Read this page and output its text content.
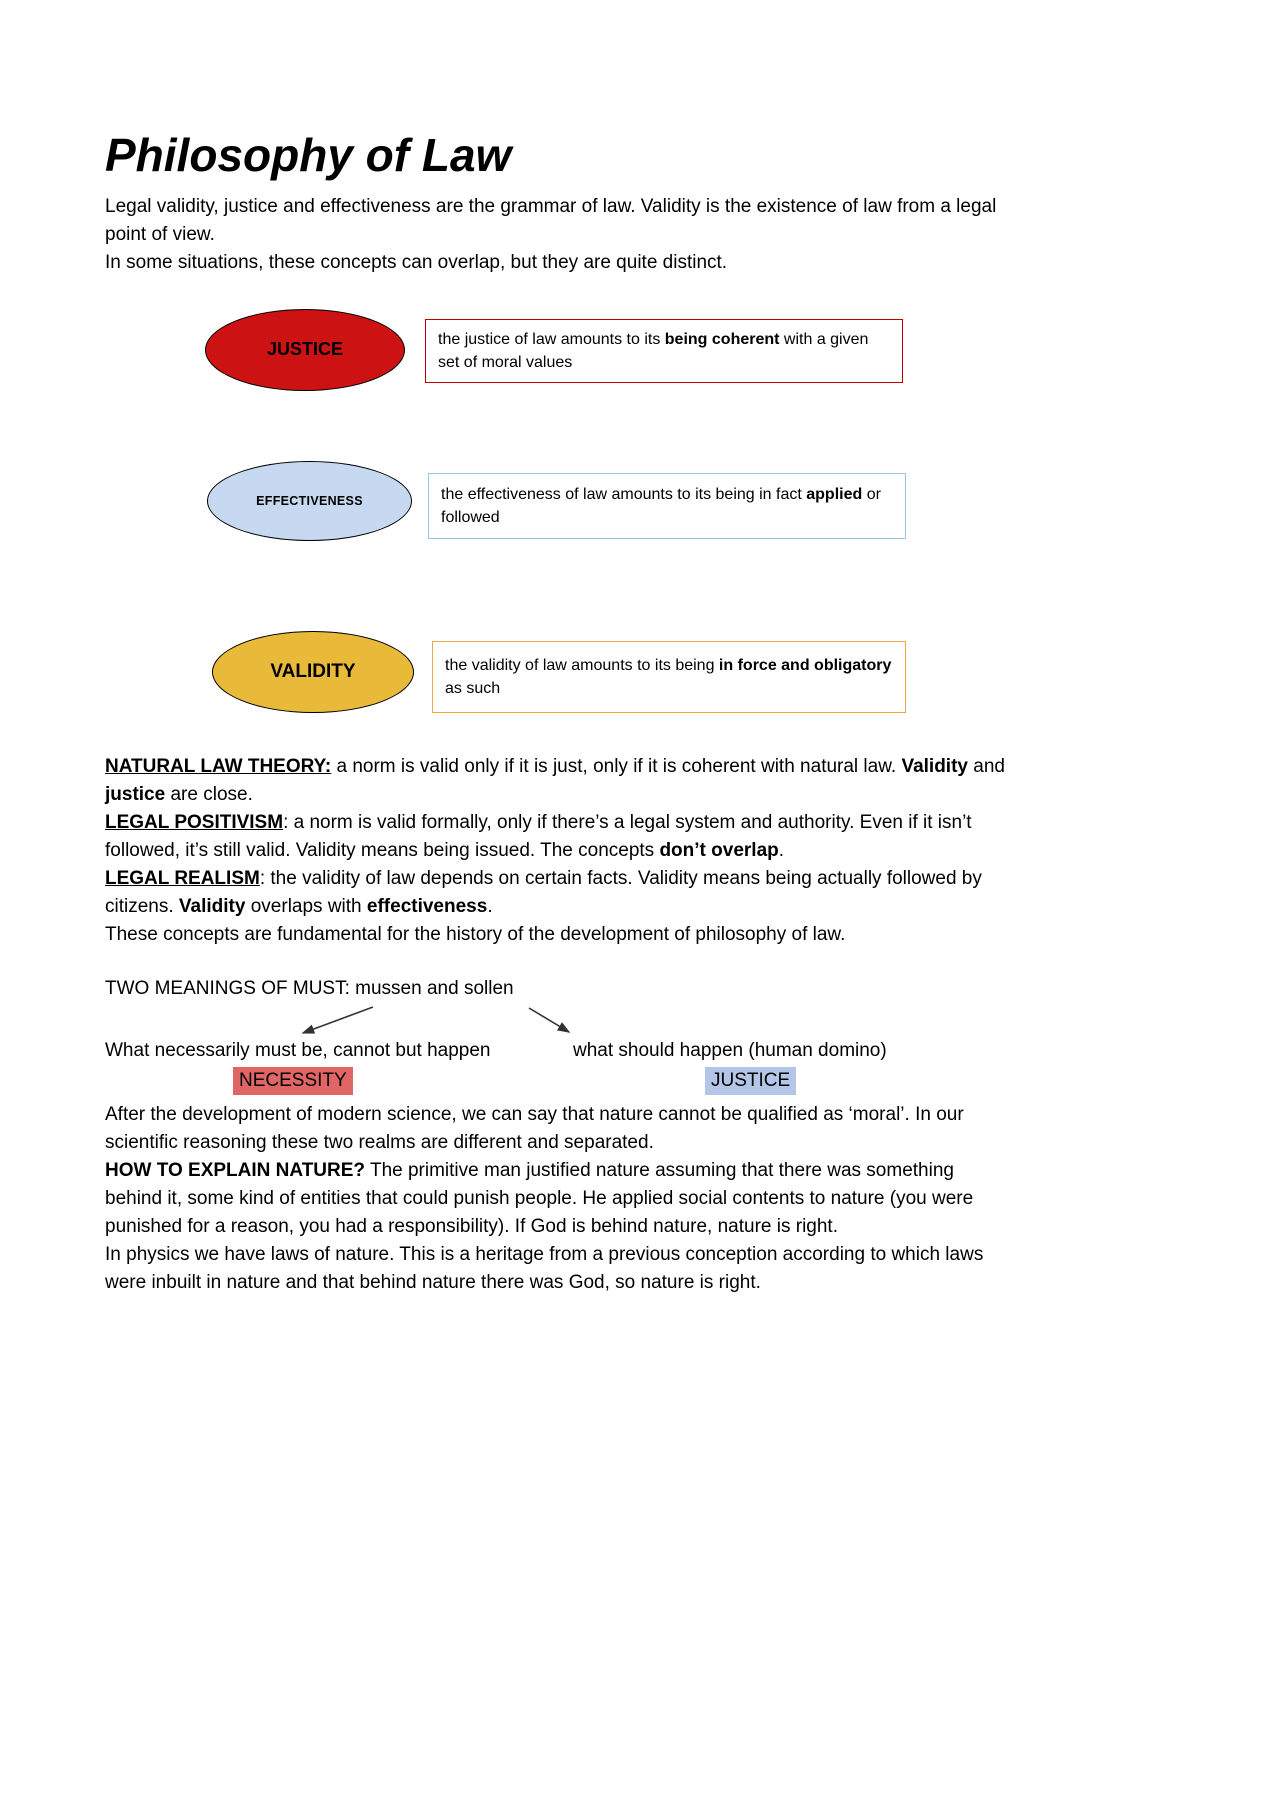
Philosophy of Law

Legal validity, justice and effectiveness are the grammar of law. Validity is the existence of law from a legal point of view.

In some situations, these concepts can overlap, but they are quite distinct.

JUSTICE	the justice of law amounts to its being coherent with a given set of moral values
EFFECTIVENESS	the effectiveness of law amounts to its being in fact applied or followed
VALIDITY	the validity of law amounts to its being in force and obligatory as such

NATURAL LAW THEORY: a norm is valid only if it is just, only if it is coherent with natural law. Validity and justice are close.

LEGAL POSITIVISM: a norm is valid formally, only if there’s a legal system and authority. Even if it isn’t followed, it’s still valid. Validity means being issued. The concepts don’t overlap.

LEGAL REALISM: the validity of law depends on certain facts. Validity means being actually followed by citizens. Validity overlaps with effectiveness.

These concepts are fundamental for the history of the development of philosophy of law.

TWO MEANINGS OF MUST: mussen and sollen

What necessarily must be, cannot but happen	what should happen (human domino)
NECESSITY	JUSTICE

After the development of modern science, we can say that nature cannot be qualified as ‘moral’. In our scientific reasoning these two realms are different and separated.

HOW TO EXPLAIN NATURE? The primitive man justified nature assuming that there was something behind it, some kind of entities that could punish people. He applied social contents to nature (you were punished for a reason, you had a responsibility). If God is behind nature, nature is right.

In physics we have laws of nature. This is a heritage from a previous conception according to which laws were inbuilt in nature and that behind nature there was God, so nature is right.
